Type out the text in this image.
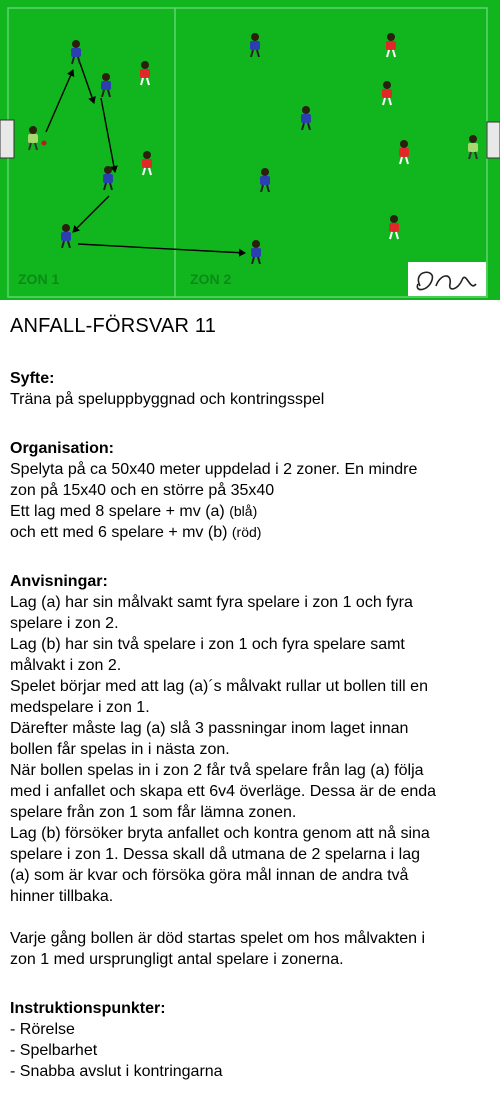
ZON 1	ZON 2
ANFALL-FÖRSVAR 11
Syfte:
Träna på speluppbyggnad och kontringsspel
Organisation:
Spelyta på ca 50x40 meter uppdelad i 2 zoner. En mindre
zon på 15x40 och en större på 35x40
Ett lag med 8 spelare + mv (a) (blå)
och ett med 6 spelare + mv (b) (röd)
Anvisningar:
Lag (a) har sin målvakt samt fyra spelare i zon 1 och fyra
spelare i zon 2.
Lag (b) har sin två spelare i zon 1 och fyra spelare samt
målvakt i zon 2.
Spelet börjar med att lag (a)´s målvakt rullar ut bollen till en
medspelare i zon 1.
Därefter måste lag (a) slå 3 passningar inom laget innan
bollen får spelas in i nästa zon.
När bollen spelas in i zon 2 får två spelare från lag (a) följa
med i anfallet och skapa ett 6v4 överläge. Dessa är de enda
spelare från zon 1 som får lämna zonen.
Lag (b) försöker bryta anfallet och kontra genom att nå sina
spelare i zon 1. Dessa skall då utmana de 2 spelarna i lag
(a) som är kvar och försöka göra mål innan de andra två
hinner tillbaka.
Varje gång bollen är död startas spelet om hos målvakten i
zon 1 med ursprungligt antal spelare i zonerna.
Instruktionspunkter:
- Rörelse
- Spelbarhet
- Snabba avslut i kontringarna
